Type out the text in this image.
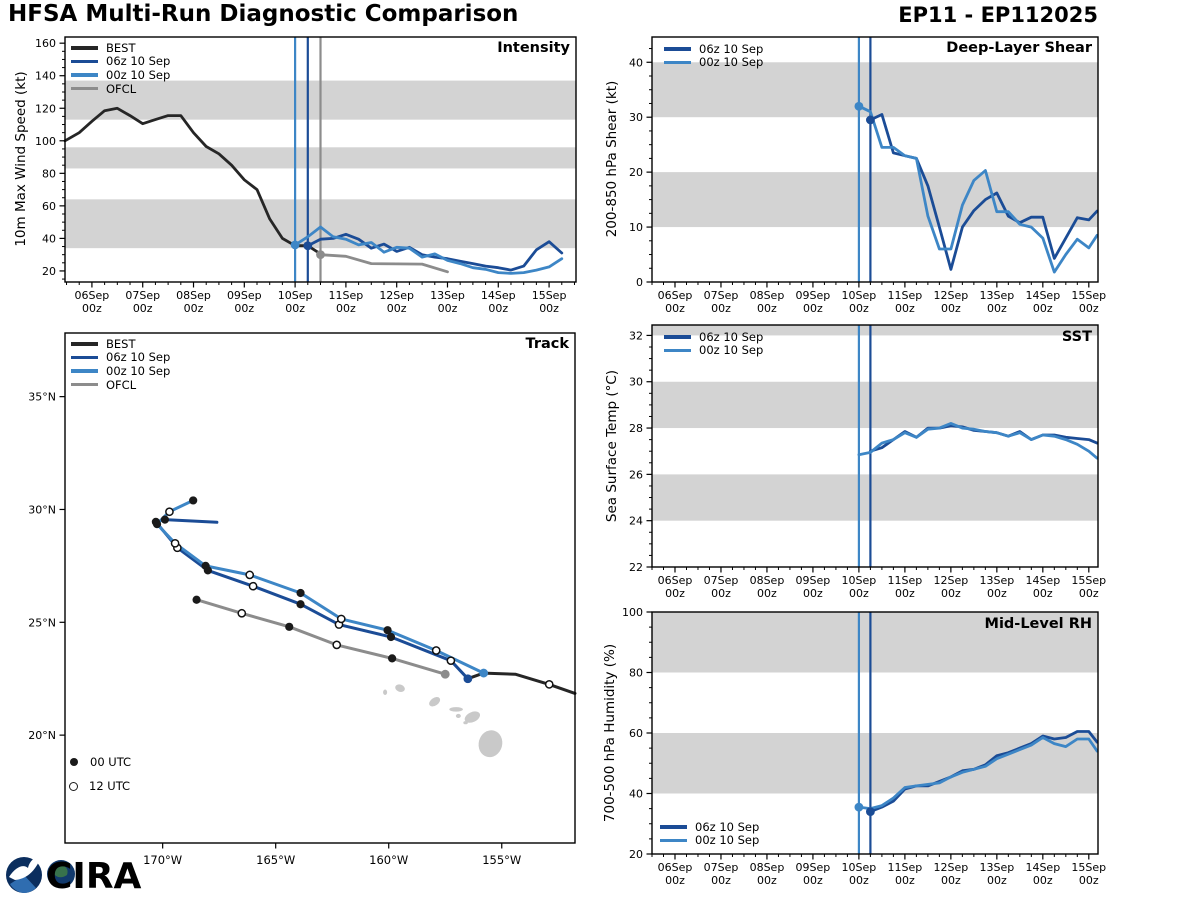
06Sep
00z
07Sep
00z
08Sep
00z
09Sep
00z
10Sep
00z
11Sep
00z
12Sep
00z
13Sep
00z
14Sep
00z
15Sep
00z
20
40
60
80
100
120
140
160
170°W	165°W	160°W	155°W
20°N
25°N
30°N
35°N
06Sep
00z
07Sep
00z
08Sep
00z
09Sep
00z
10Sep
00z
11Sep
00z
12Sep
00z
13Sep
00z
14Sep
00z
15Sep
00z
0
10
20
30
40
06Sep
00z
07Sep
00z
08Sep
00z
09Sep
00z
10Sep
00z
11Sep
00z
12Sep
00z
13Sep
00z
14Sep
00z
15Sep
00z
22
24
26
28
30
32
06Sep
00z
07Sep
00z
08Sep
00z
09Sep
00z
10Sep
00z
11Sep
00z
12Sep
00z
13Sep
00z
14Sep
00z
15Sep
00z
20
40
60
80
100
HFSA Multi-Run Diagnostic Comparison	EP11 - EP112025
Intensity
Track
Deep-Layer Shear
SST
Mid-Level RH
10m Max Wind Speed (kt)	200-850 hPa Shear (kt)
Sea Surface Temp (°C)
700-500 hPa Humidity (%)
BEST
06z 10 Sep
00z 10 Sep
OFCL
BEST
06z 10 Sep
00z 10 Sep
OFCL
00 UTC
12 UTC
06z 10 Sep
00z 10 Sep
06z 10 Sep
00z 10 Sep
06z 10 Sep
00z 10 Sep
CIRA
